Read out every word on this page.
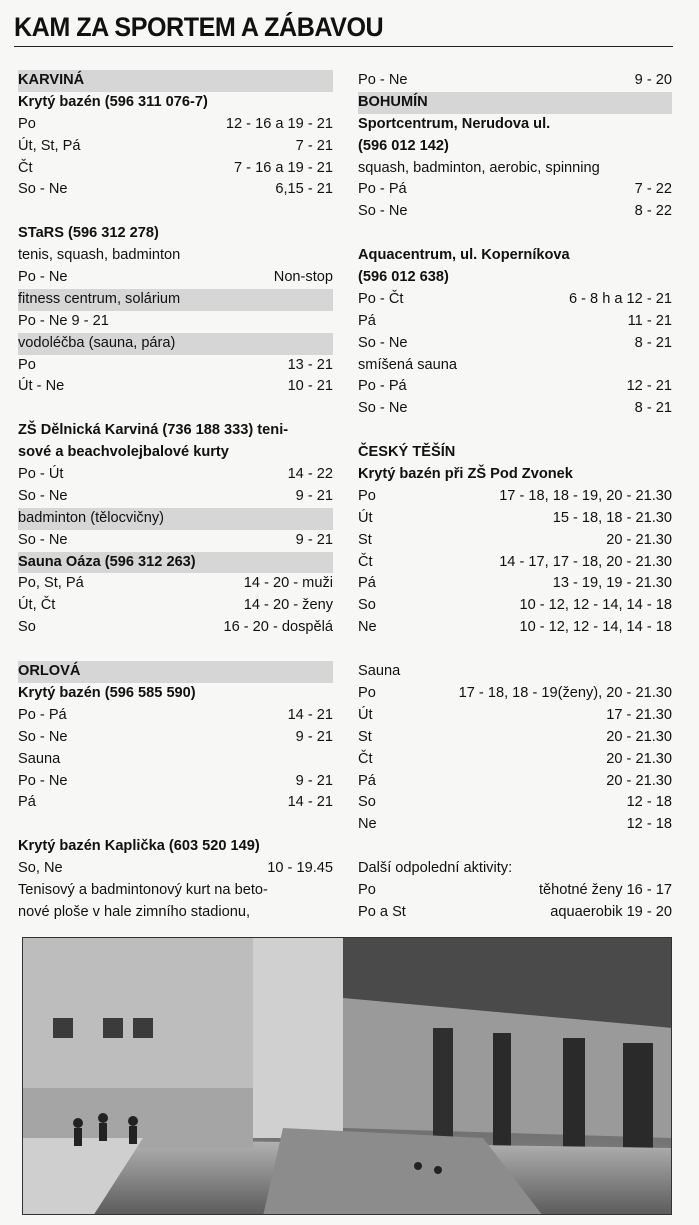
KAM ZA SPORTEM A ZÁBAVOU
KARVINÁ
Krytý bazén (596 311 076-7)
Po	12 - 16 a 19 - 21
Út, St, Pá	7 - 21
Čt	7 - 16 a 19 - 21
So - Ne	6,15 - 21
STaRS (596 312 278)
tenis, squash, badminton
Po - Ne	Non-stop
fitness centrum, solárium
Po - Ne 9 - 21
vodoléčba (sauna, pára)
Po	13 - 21
Út - Ne	10 - 21
ZŠ Dělnická Karviná (736 188 333) teni-
sové a beachvolejbalové kurty
Po - Út	14 - 22
So - Ne	9 - 21
badminton (tělocvičny)
So - Ne	9 - 21
Sauna Oáza (596 312 263)
Po, St, Pá	14 - 20 - muži
Út, Čt	14 - 20 - ženy
So	16 - 20 - dospělá
ORLOVÁ
Krytý bazén (596 585 590)
Po - Pá	14 - 21
So - Ne	9 - 21
Sauna
Po - Ne	9 - 21
Pá	14 - 21
Krytý bazén Kaplička (603 520 149)
So, Ne	10 - 19.45
Tenisový a badmintonový kurt na beto-
nové ploše v hale zimního stadionu,
Po - Ne	9 - 20
BOHUMÍN
Sportcentrum, Nerudova ul.
(596 012 142)
squash, badminton, aerobic, spinning
Po - Pá	7 - 22
So - Ne	8 - 22
Aquacentrum, ul. Koperníkova
(596 012 638)
Po - Čt	6 - 8 h a 12 - 21
Pá	11 - 21
So - Ne	8 - 21
smíšená sauna
Po - Pá	12 - 21
So - Ne	8 - 21
ČESKÝ TĚŠÍN
Krytý bazén při ZŠ Pod Zvonek
Po	17 - 18, 18 - 19, 20 - 21.30
Út	15 - 18, 18 - 21.30
St	20 - 21.30
Čt	14 - 17, 17 - 18, 20 - 21.30
Pá	13 - 19, 19 - 21.30
So	10 - 12, 12 - 14, 14 - 18
Ne	10 - 12, 12 - 14, 14 - 18
Sauna
Po	17 - 18, 18 - 19(ženy), 20 - 21.30
Út	17 - 21.30
St	20 - 21.30
Čt	20 - 21.30
Pá	20 - 21.30
So	12 - 18
Ne	12 - 18
Další odpolední aktivity:
Po	těhotné ženy 16 - 17
Po a St	aquaerobik 19 - 20
